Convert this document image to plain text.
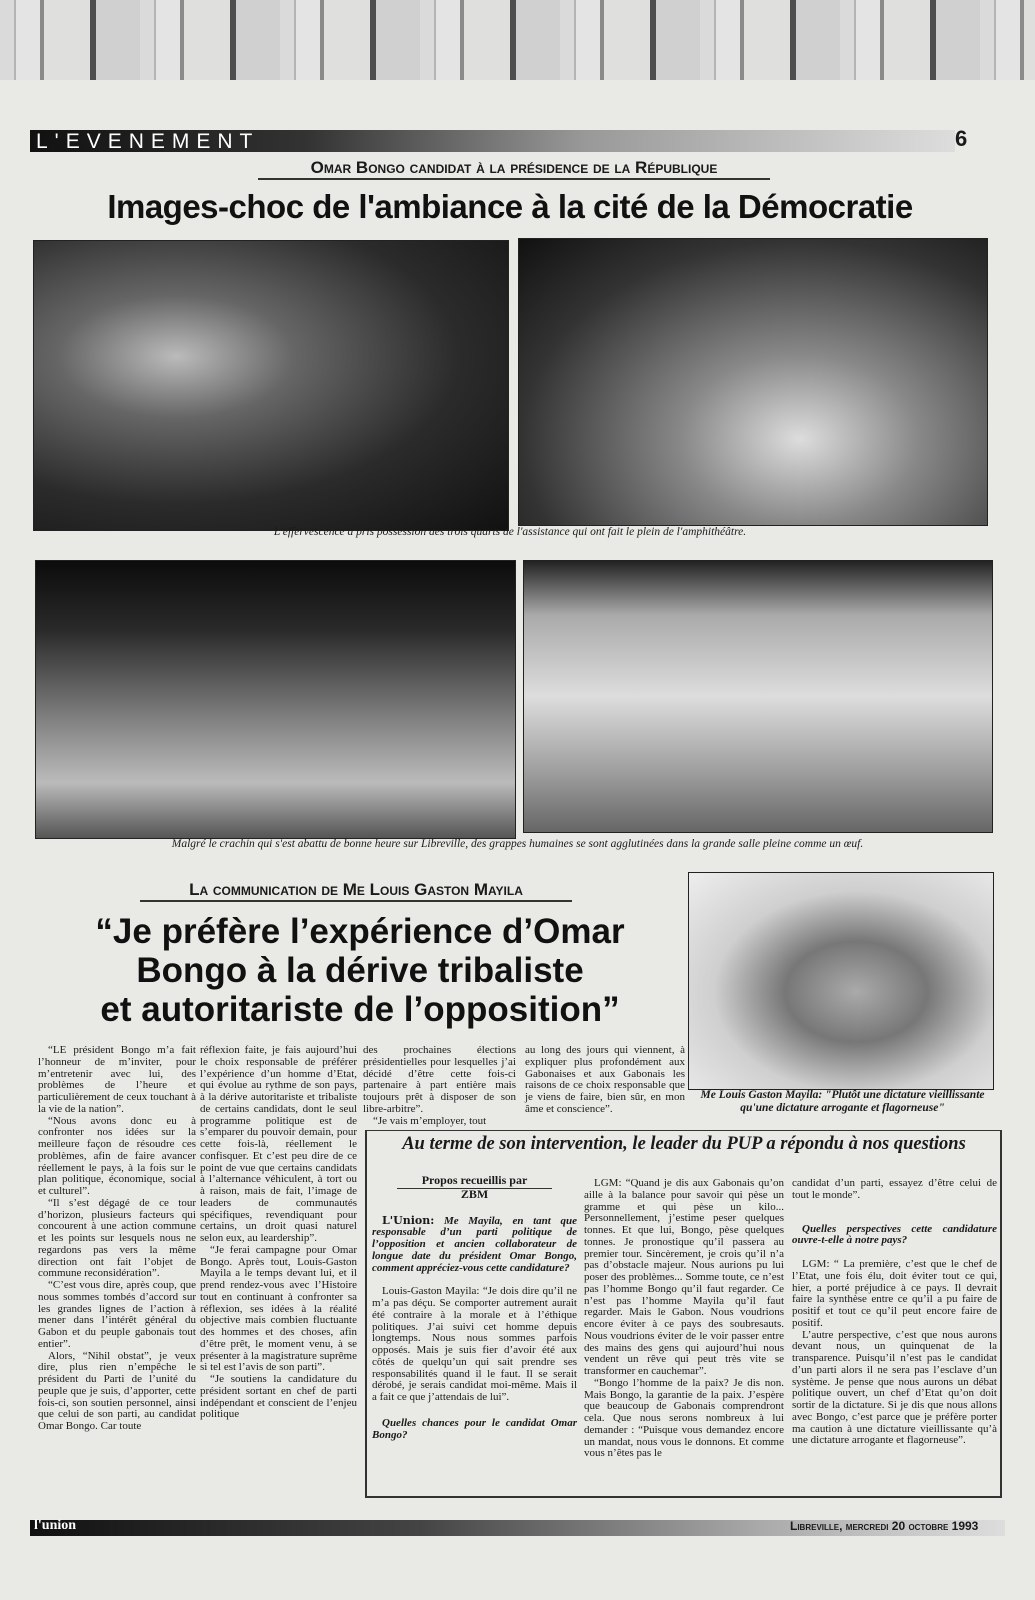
L'EVENEMENT	6
Omar Bongo candidat à la présidence de la République
Images-choc de l'ambiance à la cité de la Démocratie
L'effervescence a pris possession des trois quarts de l'assistance qui ont fait le plein de l'amphithéâtre.
Malgré le crachin qui s'est abattu de bonne heure sur Libreville, des grappes humaines se sont agglutinées dans la grande salle pleine comme un œuf.
La communication de Me Louis Gaston Mayila
“Je préfère l’expérience d’Omar
Bongo à la dérive tribaliste
et autoritariste de l’opposition”
Me Louis Gaston Mayila: "Plutôt une dictature vieillissante qu'une dictature arrogante et flagorneuse"

“LE président Bongo m’a fait l’honneur de m’inviter, pour m’entretenir avec lui, des problèmes de l’heure et particulièrement de ceux touchant à la vie de la nation”.

“Nous avons donc eu à confronter nos idées sur la meilleure façon de résoudre ces problèmes, afin de faire avancer réellement le pays, à la fois sur le plan politique, économique, social et culturel”.

“Il s’est dégagé de ce tour d’horizon, plusieurs facteurs qui concourent à une action commune et les points sur lesquels nous ne regardons pas vers la même direction ont fait l’objet de commune reconsidération”.

“C’est vous dire, après coup, que nous sommes tombés d’accord sur les grandes lignes de l’action à mener dans l’intérêt général du Gabon et du peuple gabonais tout entier”.

Alors, “Nihil obstat”, je veux dire, plus rien n’empêche le président du Parti de l’unité du peuple que je suis, d’apporter, cette fois-ci, son soutien personnel, ainsi que celui de son parti, au candidat Omar Bongo. Car toute

réflexion faite, je fais aujourd’hui le choix responsable de préférer l’expérience d’un homme d’Etat, qui évolue au rythme de son pays, à la dérive autoritariste et tribaliste de certains candidats, dont le seul programme politique est de s’emparer du pouvoir demain, pour cette fois-là, réellement le confisquer. Et c’est peu dire de ce point de vue que certains candidats à l’alternance véhiculent, à tort ou à raison, mais de fait, l’image de leaders de communautés spécifiques, revendiquant pour certains, un droit quasi naturel selon eux, au leardership”.

“Je ferai campagne pour Omar Bongo. Après tout, Louis-Gaston Mayila a le temps devant lui, et il prend rendez-vous avec l’Histoire tout en continuant à confronter sa réflexion, ses idées à la réalité objective mais combien fluctuante des hommes et des choses, afin d’être prêt, le moment venu, à se présenter à la magistrature suprême si tel est l’avis de son parti”.

“Je soutiens la candidature du président sortant en chef de parti indépendant et conscient de l’enjeu politique

des prochaines élections présidentielles pour lesquelles j’ai décidé d’être cette fois-ci partenaire à part entière mais toujours prêt à disposer de son libre-arbitre”.

“Je vais m’employer, tout

au long des jours qui viennent, à expliquer plus profondément aux Gabonaises et aux Gabonais les raisons de ce choix responsable que je viens de faire, bien sûr, en mon âme et conscience”.

Au terme de son intervention, le leader du PUP a répondu à nos questions
Propos recueillis par
ZBM

L'Union: Me Mayila, en tant que responsable d’un parti politique de l’opposition et ancien collaborateur de longue date du président Omar Bongo, comment appréciez-vous cette candidature?

Louis-Gaston Mayila: “Je dois dire qu’il ne m’a pas déçu. Se comporter autrement aurait été contraire à la morale et à l’éthique politiques. J’ai suivi cet homme depuis longtemps. Nous nous sommes parfois opposés. Mais je suis fier d’avoir été aux côtés de quelqu’un qui sait prendre ses responsabilités quand il le faut. Il se serait dérobé, je serais candidat moi-même. Mais il a fait ce que j’attendais de lui”.

Quelles chances pour le candidat Omar Bongo?

LGM: “Quand je dis aux Gabonais qu’on aille à la balance pour savoir qui pèse un gramme et qui pèse un kilo... Personnellement, j’estime peser quelques tonnes. Et que lui, Bongo, pèse quelques tonnes. Je pronostique qu’il passera au premier tour. Sincèrement, je crois qu’il n’a pas d’obstacle majeur. Nous aurions pu lui poser des problèmes... Somme toute, ce n’est pas l’homme Bongo qu’il faut regarder. Ce n’est pas l’homme Mayila qu’il faut regarder. Mais le Gabon. Nous voudrions encore éviter à ce pays des soubresauts. Nous voudrions éviter de le voir passer entre des mains des gens qui aujourd’hui nous vendent un rêve qui peut très vite se transformer en cauchemar”.

“Bongo l’homme de la paix? Je dis non. Mais Bongo, la garantie de la paix. J’espère que beaucoup de Gabonais comprendront cela. Que nous serons nombreux à lui demander : “Puisque vous demandez encore un mandat, nous vous le donnons. Et comme vous n’êtes pas le

candidat d’un parti, essayez d’être celui de tout le monde”.

Quelles perspectives cette candidature ouvre-t-elle à notre pays?

LGM: “ La première, c’est que le chef de l’Etat, une fois élu, doit éviter tout ce qui, hier, a porté préjudice à ce pays. Il devrait faire la synthèse entre ce qu’il a pu faire de positif et tout ce qu’il peut encore faire de positif.

L’autre perspective, c’est que nous aurons devant nous, un quinquenat de la transparence. Puisqu’il n’est pas le candidat d’un parti alors il ne sera pas l’esclave d’un système. Je pense que nous aurons un débat politique ouvert, un chef d’Etat qu’on doit sortir de la dictature. Si je dis que nous allons avec Bongo, c’est parce que je préfère porter ma caution à une dictature vieillissante qu’à une dictature arrogante et flagorneuse”.

l'union	Libreville, mercredi 20 octobre 1993
